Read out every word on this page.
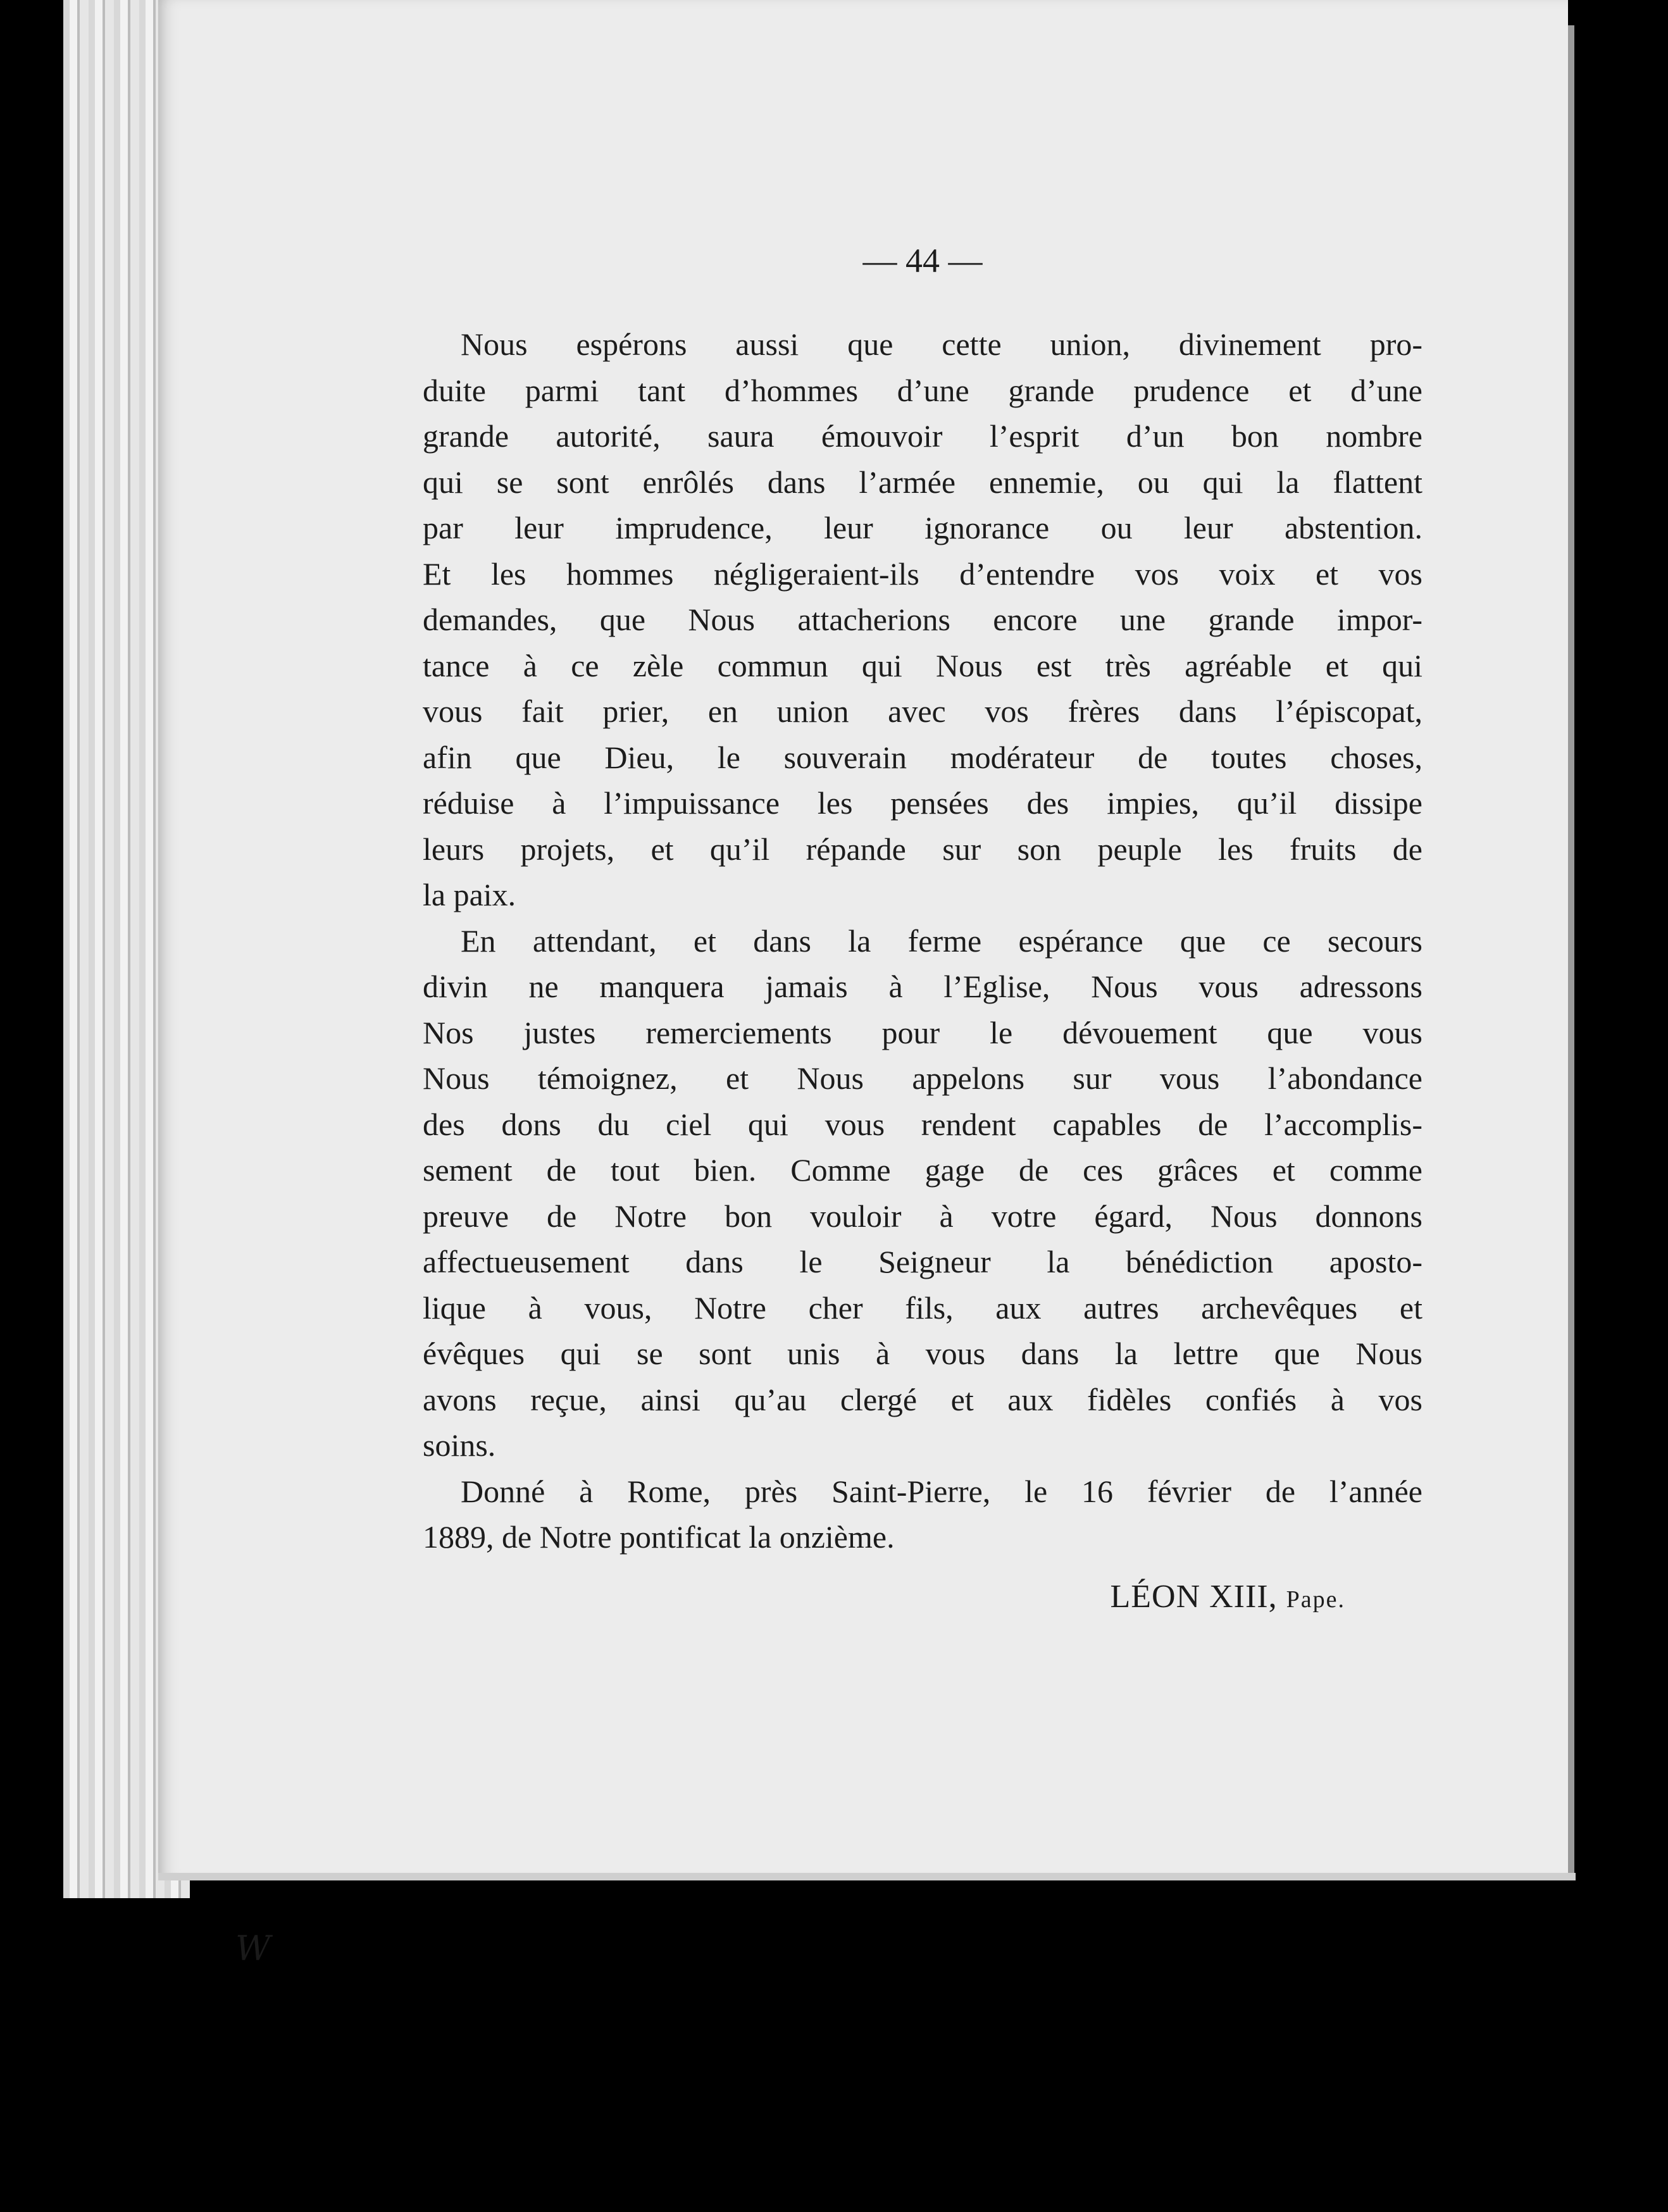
W
— 44 —
Nous espérons aussi que cette union, divinement pro-
duite parmi tant d’hommes d’une grande prudence et d’une
grande autorité, saura émouvoir l’esprit d’un bon nombre
qui se sont enrôlés dans l’armée ennemie, ou qui la flattent
par leur imprudence, leur ignorance ou leur abstention.
Et les hommes négligeraient-ils d’entendre vos voix et vos
demandes, que Nous attacherions encore une grande impor-
tance à ce zèle commun qui Nous est très agréable et qui
vous fait prier, en union avec vos frères dans l’épiscopat,
afin que Dieu, le souverain modérateur de toutes choses,
réduise à l’impuissance les pensées des impies, qu’il dissipe
leurs projets, et qu’il répande sur son peuple les fruits de
la paix.
En attendant, et dans la ferme espérance que ce secours
divin ne manquera jamais à l’Eglise, Nous vous adressons
Nos justes remerciements pour le dévouement que vous
Nous témoignez, et Nous appelons sur vous l’abondance
des dons du ciel qui vous rendent capables de l’accomplis-
sement de tout bien. Comme gage de ces grâces et comme
preuve de Notre bon vouloir à votre égard, Nous donnons
affectueusement dans le Seigneur la bénédiction aposto-
lique à vous, Notre cher fils, aux autres archevêques et
évêques qui se sont unis à vous dans la lettre que Nous
avons reçue, ainsi qu’au clergé et aux fidèles confiés à vos
soins.
Donné à Rome, près Saint-Pierre, le 16 février de l’année
1889, de Notre pontificat la onzième.
LÉON XIII, Pape.
